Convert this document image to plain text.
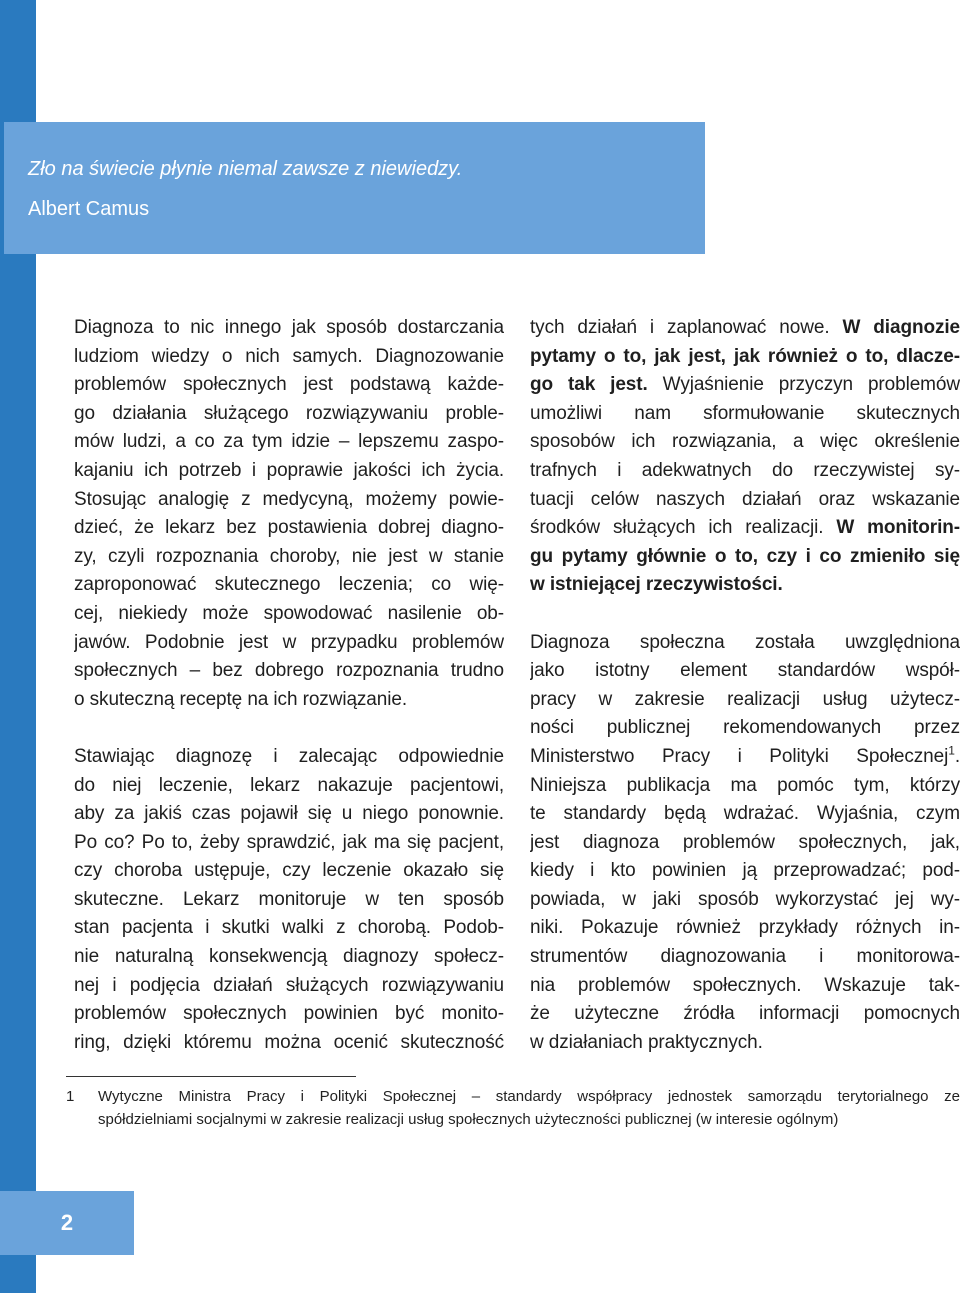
Zło na świecie płynie niemal zawsze z niewiedzy.

Albert Camus

Diagnoza to nic innego jak sposób dostarczania
ludziom wiedzy o nich samych. Diagnozowanie
problemów społecznych jest podstawą każde-
go działania służącego rozwiązywaniu proble-
mów ludzi, a co za tym idzie – lepszemu zaspo-
kajaniu ich potrzeb i poprawie jakości ich życia.
Stosując analogię z medycyną, możemy powie-
dzieć, że lekarz bez postawienia dobrej diagno-
zy, czyli rozpoznania choroby, nie jest w stanie
zaproponować skutecznego leczenia; co wię-
cej, niekiedy może spowodować nasilenie ob-
jawów. Podobnie jest w przypadku problemów
społecznych – bez dobrego rozpoznania trudno
o skuteczną receptę na ich rozwiązanie.
Stawiając diagnozę i zalecając odpowiednie
do niej leczenie, lekarz nakazuje pacjentowi,
aby za jakiś czas pojawił się u niego ponownie.
Po co? Po to, żeby sprawdzić, jak ma się pacjent,
czy choroba ustępuje, czy leczenie okazało się
skuteczne. Lekarz monitoruje w ten sposób
stan pacjenta i skutki walki z chorobą. Podob-
nie naturalną konsekwencją diagnozy społecz-
nej i podjęcia działań służących rozwiązywaniu
problemów społecznych powinien być monito-
ring, dzięki któremu można ocenić skuteczność
tych działań i zaplanować nowe. W diagnozie
pytamy o to, jak jest, jak również o to, dlacze-
go tak jest. Wyjaśnienie przyczyn problemów
umożliwi nam sformułowanie skutecznych
sposobów ich rozwiązania, a więc określenie
trafnych i adekwatnych do rzeczywistej sy-
tuacji celów naszych działań oraz wskazanie
środków służących ich realizacji. W monitorin-
gu pytamy głównie o to, czy i co zmieniło się
w istniejącej rzeczywistości.
Diagnoza społeczna została uwzględniona
jako istotny element standardów współ-
pracy w zakresie realizacji usług użytecz-
ności publicznej rekomendowanych przez
Ministerstwo Pracy i Polityki Społecznej$^1$.
Niniejsza publikacja ma pomóc tym, którzy
te standardy będą wdrażać. Wyjaśnia, czym
jest diagnoza problemów społecznych, jak,
kiedy i kto powinien ją przeprowadzać; pod-
powiada, w jaki sposób wykorzystać jej wy-
niki. Pokazuje również przykłady różnych in-
strumentów diagnozowania i monitorowa-
nia problemów społecznych. Wskazuje tak-
że użyteczne źródła informacji pomocnych
w działaniach praktycznych.
1 Wytyczne Ministra Pracy i Polityki Społecznej – standardy współpracy jednostek samorządu terytorialnego ze
spółdzielniami socjalnymi w zakresie realizacji usług społecznych użyteczności publicznej (w interesie ogólnym)
2
